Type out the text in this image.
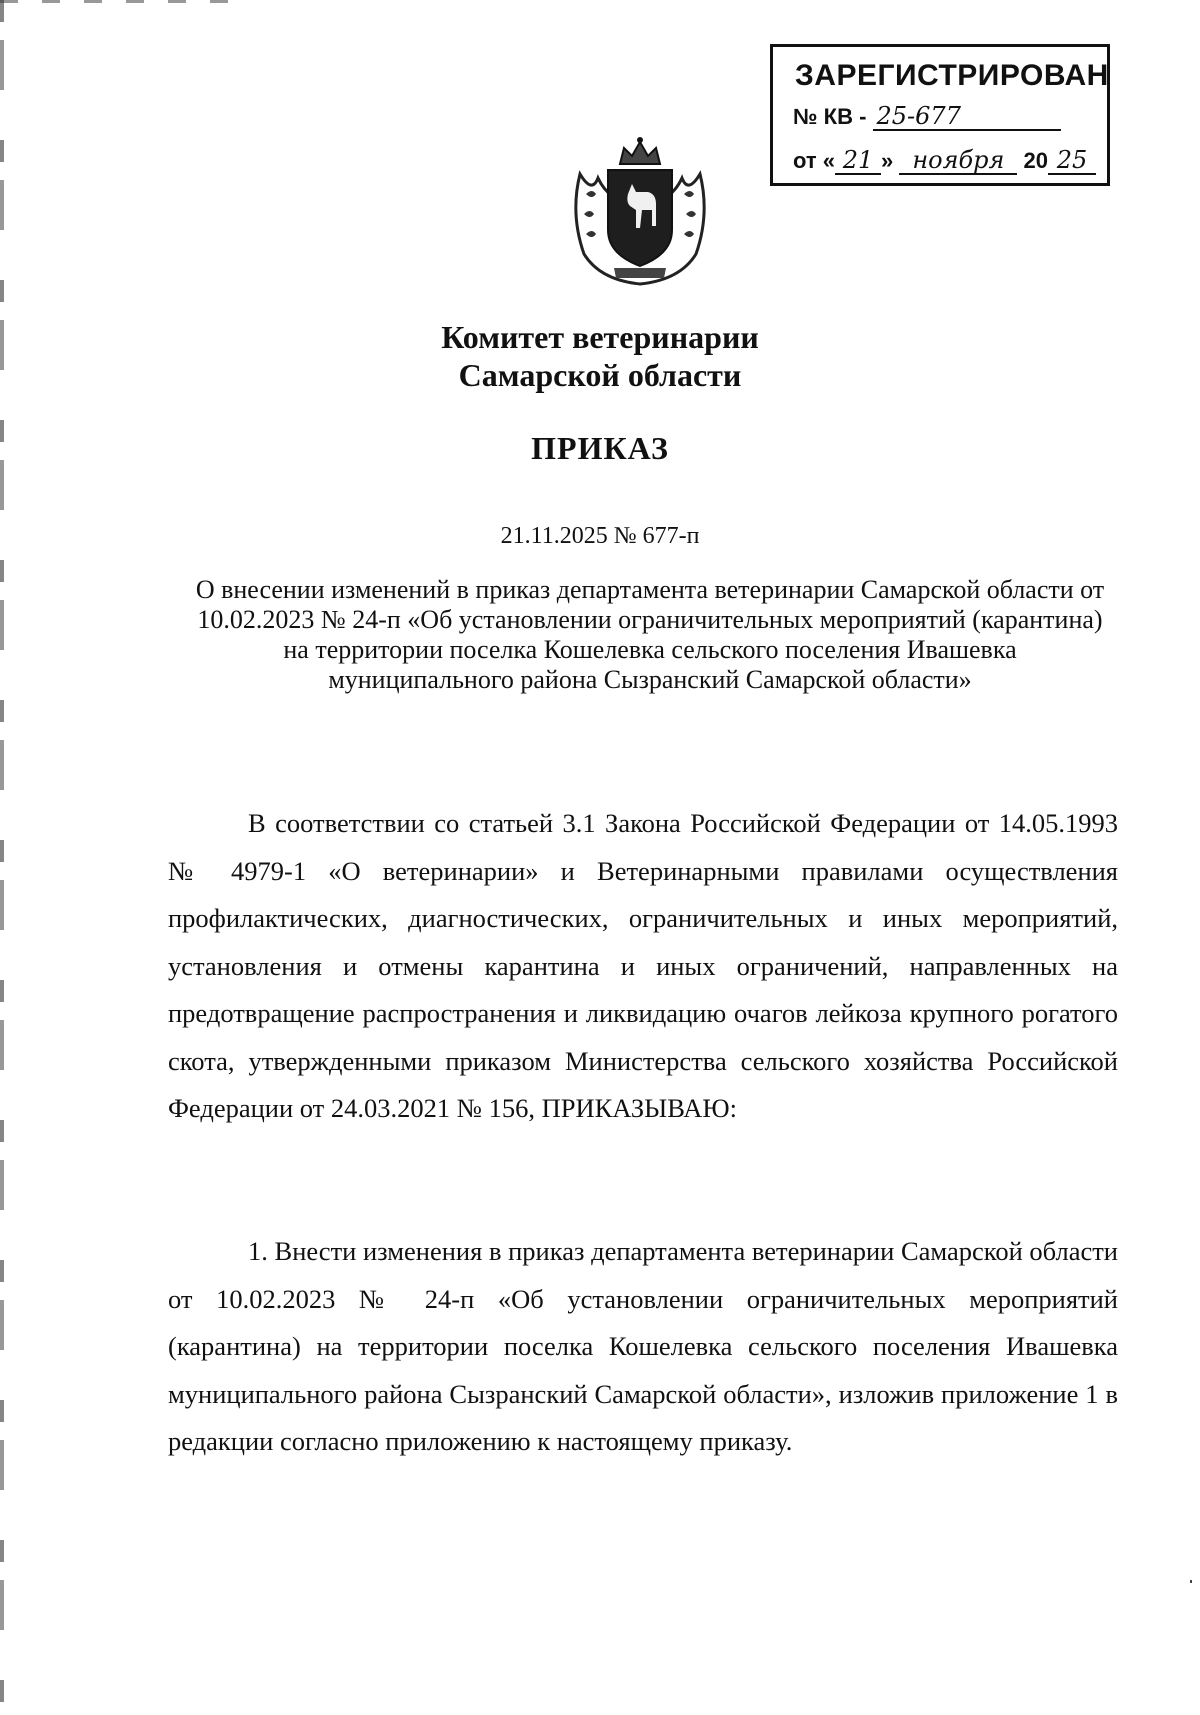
ЗАРЕГИСТРИРОВАН
№ КВ - 25-677
от « 21 » ноября 20 25
Комитет ветеринарии
Самарской области
ПРИКАЗ
21.11.2025 № 677-п
О внесении изменений в приказ департамента ветеринарии Самарской области от 10.02.2023 № 24-п «Об установлении ограничительных мероприятий (карантина) на территории поселка Кошелевка сельского поселения Ивашевка муниципального района Сызранский Самарской области»
В соответствии со статьей 3.1 Закона Российской Федерации от 14.05.1993 № 4979-1 «О ветеринарии» и Ветеринарными правилами осуществления профилактических, диагностических, ограничительных и иных мероприятий, установления и отмены карантина и иных ограничений, направленных на предотвращение распространения и ликвидацию очагов лейкоза крупного рогатого скота, утвержденными приказом Министерства сельского хозяйства Российской Федерации от 24.03.2021 № 156, ПРИКАЗЫВАЮ:
1. Внести изменения в приказ департамента ветеринарии Самарской области от 10.02.2023 № 24-п «Об установлении ограничительных мероприятий (карантина) на территории поселка Кошелевка сельского поселения Ивашевка муниципального района Сызранский Самарской области», изложив приложение 1 в редакции согласно приложению к настоящему приказу.
